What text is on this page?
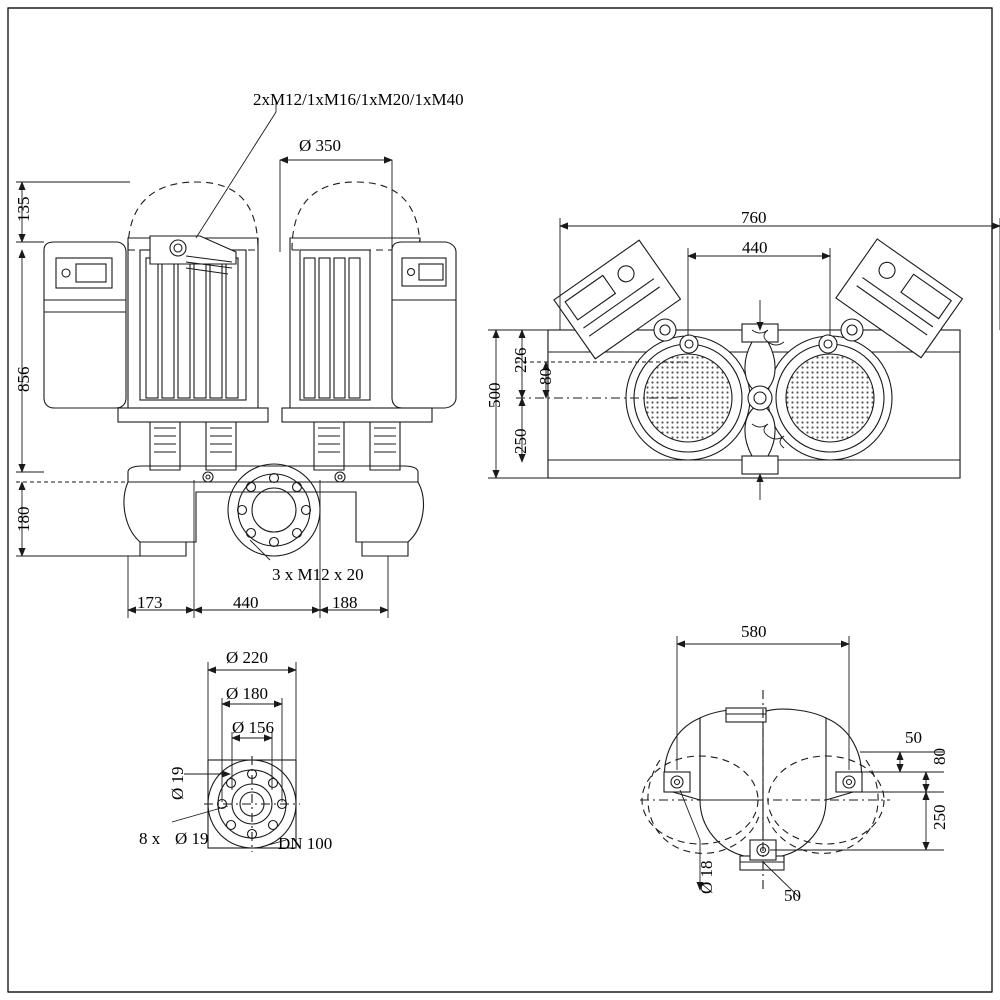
2xM12/1xM16/1xM20/1xM40
Ø 350
135
856
180
3 x M12 x 20
173	440	188
760
440
500
226
80
250
Ø 220
Ø 180
Ø 156
Ø 19
8 x Ø 19	DN 100
580
50
80
250
Ø 18
50
